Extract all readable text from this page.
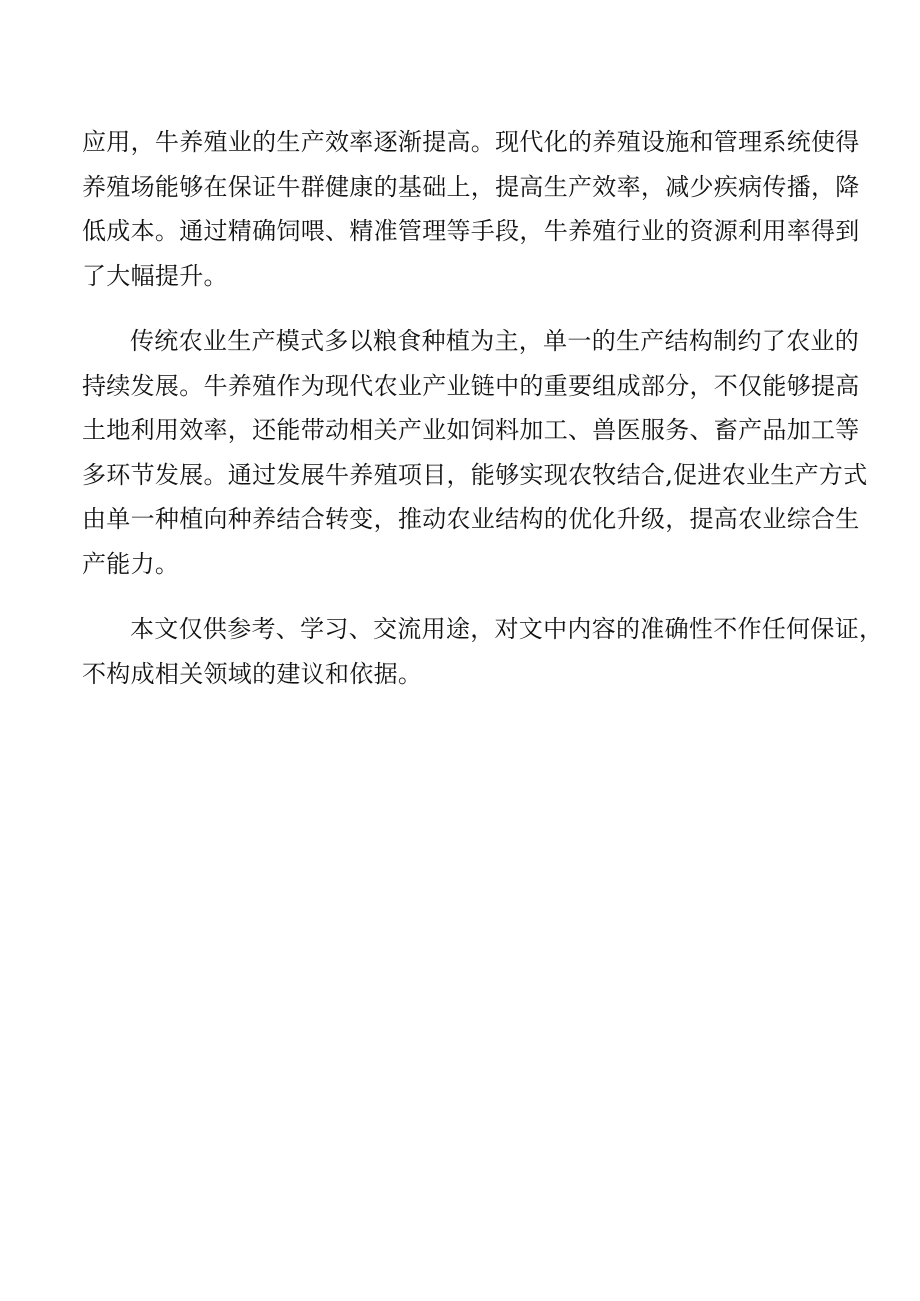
应用，牛养殖业的生产效率逐渐提高。现代化的养殖设施和管理系统使得
养殖场能够在保证牛群健康的基础上，提高生产效率，减少疾病传播，降
低成本。通过精确饲喂、精准管理等手段，牛养殖行业的资源利用率得到
了大幅提升。

传统农业生产模式多以粮食种植为主，单一的生产结构制约了农业的
持续发展。牛养殖作为现代农业产业链中的重要组成部分，不仅能够提高
土地利用效率，还能带动相关产业如饲料加工、兽医服务、畜产品加工等
多环节发展。通过发展牛养殖项目，能够实现农牧结合,促进农业生产方式
由单一种植向种养结合转变，推动农业结构的优化升级，提高农业综合生
产能力。

本文仅供参考、学习、交流用途，对文中内容的准确性不作任何保证，
不构成相关领域的建议和依据。
